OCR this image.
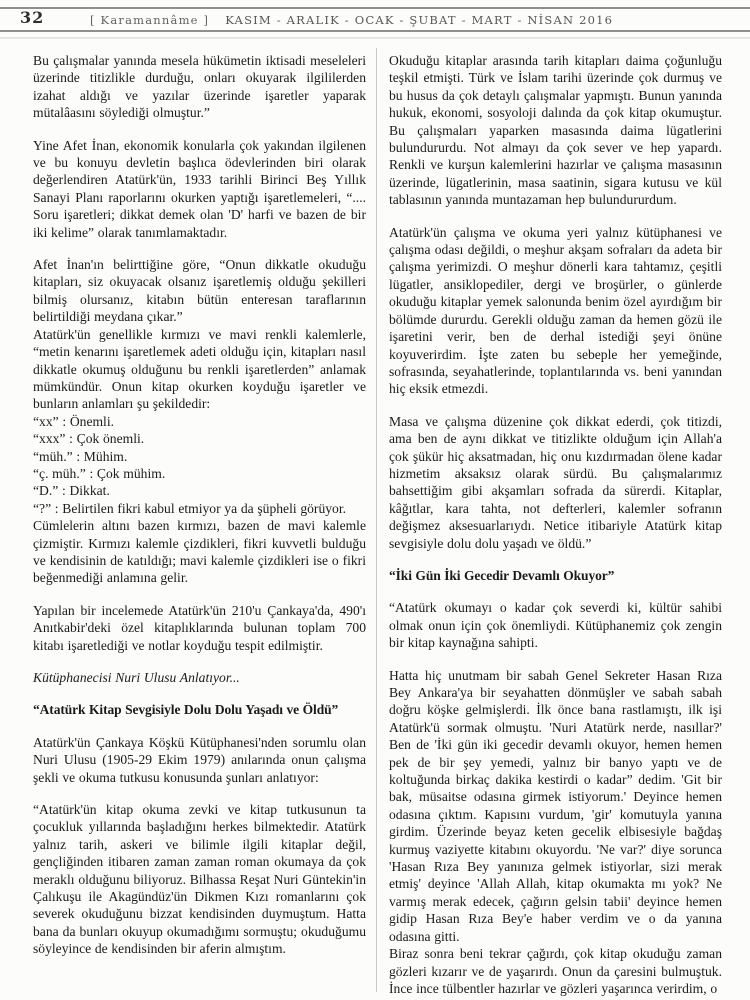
32	[ Karamannâme ] KASIM - ARALIK - OCAK - ŞUBAT - MART - NİSAN 2016

Bu çalışmalar yanında mesela hükümetin iktisadi meseleleri üzerinde titizlikle durduğu, onları okuyarak ilgililerden izahat aldığı ve yazılar üzerinde işaretler yaparak mütalâasını söylediği olmuştur.”

Yine Afet İnan, ekonomik konularla çok yakından ilgilenen ve bu konuyu devletin başlıca ödevlerinden biri olarak değerlendiren Atatürk'ün, 1933 tarihli Birinci Beş Yıllık Sanayi Planı raporlarını okurken yaptığı işaretlemeleri, “.... Soru işaretleri; dikkat demek olan 'D' harfi ve bazen de bir iki kelime” olarak tanımlamaktadır.

Afet İnan'ın belirttiğine göre, “Onun dikkatle okuduğu kitapları, siz okuyacak olsanız işaretlemiş olduğu şekilleri bilmiş olursanız, kitabın bütün enteresan taraflarının belirtildiği meydana çıkar.”

Atatürk'ün genellikle kırmızı ve mavi renkli kalemlerle, “metin kenarını işaretlemek adeti olduğu için, kitapları nasıl dikkatle okumuş olduğunu bu renkli işaretlerden” anlamak mümkündür. Onun kitap okurken koyduğu işaretler ve bunların anlamları şu şekildedir:

“xx” : Önemli.

“xxx” : Çok önemli.

“müh.” : Mühim.

“ç. müh.” : Çok mühim.

“D.” : Dikkat.

“?” : Belirtilen fikri kabul etmiyor ya da şüpheli görüyor.

Cümlelerin altını bazen kırmızı, bazen de mavi kalemle çizmiştir. Kırmızı kalemle çizdikleri, fikri kuvvetli bulduğu ve kendisinin de katıldığı; mavi kalemle çizdikleri ise o fikri beğenmediği anlamına gelir.

Yapılan bir incelemede Atatürk'ün 210'u Çankaya'da, 490'ı Anıtkabir'deki özel kitaplıklarında bulunan toplam 700 kitabı işaretlediği ve notlar koyduğu tespit edilmiştir.

Kütüphanecisi Nuri Ulusu Anlatıyor...

“Atatürk Kitap Sevgisiyle Dolu Dolu Yaşadı ve Öldü”

Atatürk'ün Çankaya Köşkü Kütüphanesi'nden sorumlu olan Nuri Ulusu (1905-29 Ekim 1979) anılarında onun çalışma şekli ve okuma tutkusu konusunda şunları anlatıyor:

“Atatürk'ün kitap okuma zevki ve kitap tutkusunun ta çocukluk yıllarında başladığını herkes bilmektedir. Atatürk yalnız tarih, askeri ve bilimle ilgili kitaplar değil, gençliğinden itibaren zaman zaman roman okumaya da çok meraklı olduğunu biliyoruz. Bilhassa Reşat Nuri Güntekin'in Çalıkuşu ile Akagündüz'ün Dikmen Kızı romanlarını çok severek okuduğunu bizzat kendisinden duymuştum. Hatta bana da bunları okuyup okumadığımı sormuştu; okuduğumu söyleyince de kendisinden bir aferin almıştım.

Okuduğu kitaplar arasında tarih kitapları daima çoğunluğu teşkil etmişti. Türk ve İslam tarihi üzerinde çok durmuş ve bu husus da çok detaylı çalışmalar yapmıştı. Bunun yanında hukuk, ekonomi, sosyoloji dalında da çok kitap okumuştur. Bu çalışmaları yaparken masasında daima lügatlerini bulundururdu. Not almayı da çok sever ve hep yapardı. Renkli ve kurşun kalemlerini hazırlar ve çalışma masasının üzerinde, lügatlerinin, masa saatinin, sigara kutusu ve kül tablasının yanında muntazaman hep bulundururdum.

Atatürk'ün çalışma ve okuma yeri yalnız kütüphanesi ve çalışma odası değildi, o meşhur akşam sofraları da adeta bir çalışma yerimizdi. O meşhur dönerli kara tahtamız, çeşitli lügatler, ansiklopediler, dergi ve broşürler, o günlerde okuduğu kitaplar yemek salonunda benim özel ayırdığım bir bölümde dururdu. Gerekli olduğu zaman da hemen gözü ile işaretini verir, ben de derhal istediği şeyi önüne koyuverirdim. İşte zaten bu sebeple her yemeğinde, sofrasında, seyahatlerinde, toplantılarında vs. beni yanından hiç eksik etmezdi.

Masa ve çalışma düzenine çok dikkat ederdi, çok titizdi, ama ben de aynı dikkat ve titizlikte olduğum için Allah'a çok şükür hiç aksatmadan, hiç onu kızdırmadan ölene kadar hizmetim aksaksız olarak sürdü. Bu çalışmalarımız bahsettiğim gibi akşamları sofrada da sürerdi. Kitaplar, kâğıtlar, kara tahta, not defterleri, kalemler sofranın değişmez aksesuarlarıydı. Netice itibariyle Atatürk kitap sevgisiyle dolu dolu yaşadı ve öldü.”

“İki Gün İki Gecedir Devamlı Okuyor”

“Atatürk okumayı o kadar çok severdi ki, kültür sahibi olmak onun için çok önemliydi. Kütüphanemiz çok zengin bir kitap kaynağına sahipti.

Hatta hiç unutmam bir sabah Genel Sekreter Hasan Rıza Bey Ankara'ya bir seyahatten dönmüşler ve sabah sabah doğru köşke gelmişlerdi. İlk önce bana rastlamıştı, ilk işi Atatürk'ü sormak olmuştu. 'Nuri Atatürk nerde, nasıllar?' Ben de 'İki gün iki gecedir devamlı okuyor, hemen hemen pek de bir şey yemedi, yalnız bir banyo yaptı ve de koltuğunda birkaç dakika kestirdi o kadar” dedim. 'Git bir bak, müsaitse odasına girmek istiyorum.' Deyince hemen odasına çıktım. Kapısını vurdum, 'gir' komutuyla yanına girdim. Üzerinde beyaz keten gecelik elbisesiyle bağdaş kurmuş vaziyette kitabını okuyordu. 'Ne var?' diye sorunca 'Hasan Rıza Bey yanınıza gelmek istiyorlar, sizi merak etmiş' deyince 'Allah Allah, kitap okumakta mı yok? Ne varmış merak edecek, çağırın gelsin tabii' deyince hemen gidip Hasan Rıza Bey'e haber verdim ve o da yanına odasına gitti.

Biraz sonra beni tekrar çağırdı, çok kitap okuduğu zaman gözleri kızarır ve de yaşarırdı. Onun da çaresini bulmuştuk. İnce ince tülbentler hazırlar ve gözleri yaşarınca verirdim, o
